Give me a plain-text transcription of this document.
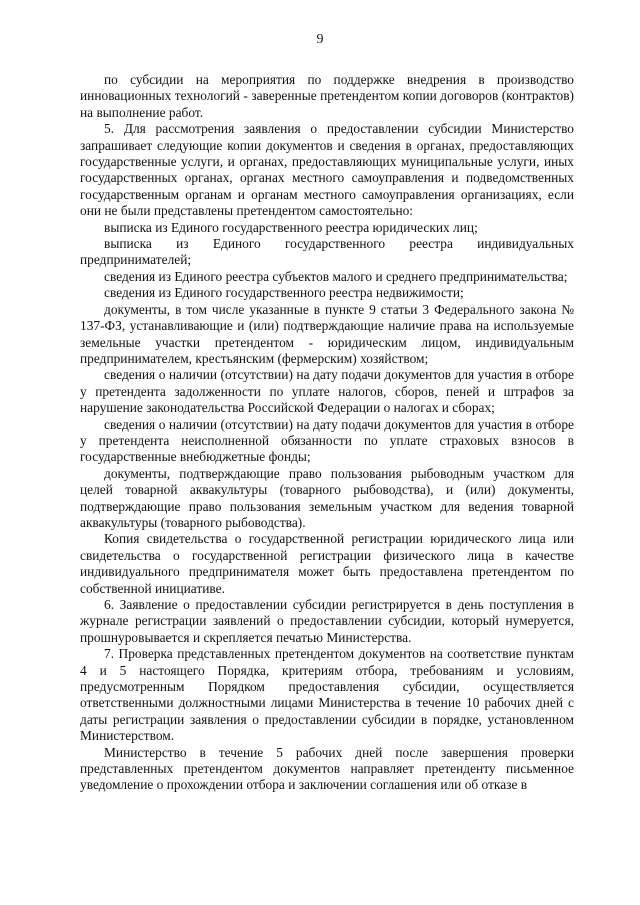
9

по субсидии на мероприятия по поддержке внедрения в производство инновационных технологий - заверенные претендентом копии договоров (контрактов) на выполнение работ.

5. Для рассмотрения заявления о предоставлении субсидии Министерство запрашивает следующие копии документов и сведения в органах, предоставляющих государственные услуги, и органах, предоставляющих муниципальные услуги, иных государственных органах, органах местного самоуправления и подведомственных государственным органам и органам местного самоуправления организациях, если они не были представлены претендентом самостоятельно:

выписка из Единого государственного реестра юридических лиц;

выписка из Единого государственного реестра индивидуальных предпринимателей;

сведения из Единого реестра субъектов малого и среднего предпринимательства;

сведения из Единого государственного реестра недвижимости;

документы, в том числе указанные в пункте 9 статьи 3 Федерального закона № 137-ФЗ, устанавливающие и (или) подтверждающие наличие права на используемые земельные участки претендентом - юридическим лицом, индивидуальным предпринимателем, крестьянским (фермерским) хозяйством;

сведения о наличии (отсутствии) на дату подачи документов для участия в отборе у претендента задолженности по уплате налогов, сборов, пеней и штрафов за нарушение законодательства Российской Федерации о налогах и сборах;

сведения о наличии (отсутствии) на дату подачи документов для участия в отборе у претендента неисполненной обязанности по уплате страховых взносов в государственные внебюджетные фонды;

документы, подтверждающие право пользования рыбоводным участком для целей товарной аквакультуры (товарного рыбоводства), и (или) документы, подтверждающие право пользования земельным участком для ведения товарной аквакультуры (товарного рыбоводства).

Копия свидетельства о государственной регистрации юридического лица или свидетельства о государственной регистрации физического лица в качестве индивидуального предпринимателя может быть предоставлена претендентом по собственной инициативе.

6. Заявление о предоставлении субсидии регистрируется в день поступления в журнале регистрации заявлений о предоставлении субсидии, который нумеруется, прошнуровывается и скрепляется печатью Министерства.

7. Проверка представленных претендентом документов на соответствие пунктам 4 и 5 настоящего Порядка, критериям отбора, требованиям и условиям, предусмотренным Порядком предоставления субсидии, осуществляется ответственными должностными лицами Министерства в течение 10 рабочих дней с даты регистрации заявления о предоставлении субсидии в порядке, установленном Министерством.

Министерство в течение 5 рабочих дней после завершения проверки представленных претендентом документов направляет претенденту письменное уведомление о прохождении отбора и заключении соглашения или об отказе в
